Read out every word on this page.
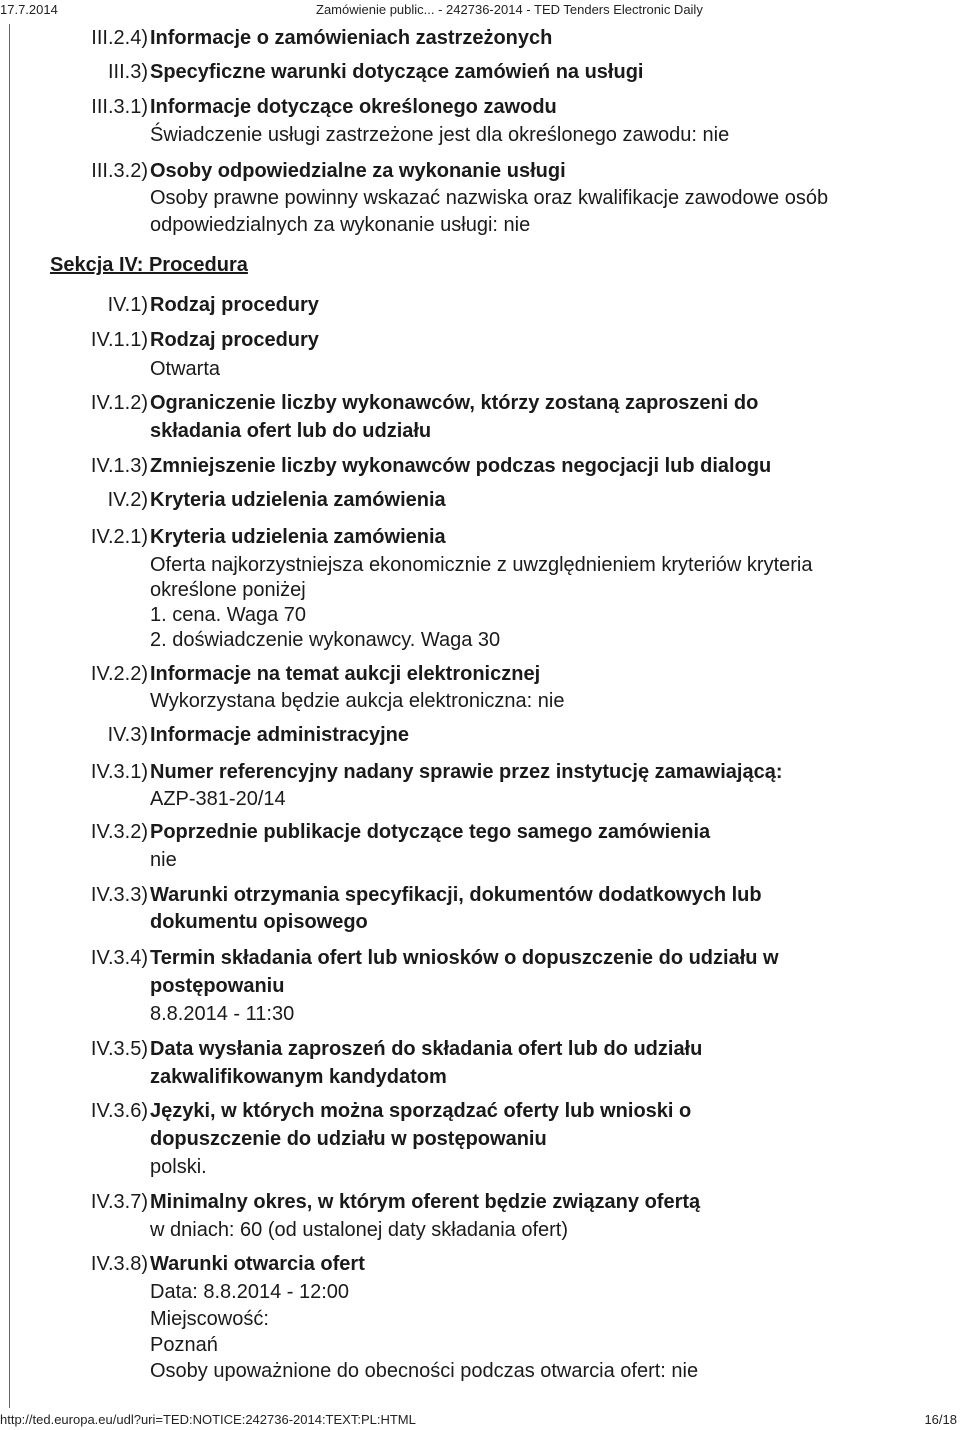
17.7.2014	Zamówienie public... - 242736-2014 - TED Tenders Electronic Daily
III.2.4) Informacje o zamówieniach zastrzeżonych
III.3) Specyficzne warunki dotyczące zamówień na usługi
III.3.1) Informacje dotyczące określonego zawodu
Świadczenie usługi zastrzeżone jest dla określonego zawodu: nie
III.3.2) Osoby odpowiedzialne za wykonanie usługi
Osoby prawne powinny wskazać nazwiska oraz kwalifikacje zawodowe osób
odpowiedzialnych za wykonanie usługi: nie
Sekcja IV: Procedura
IV.1) Rodzaj procedury
IV.1.1) Rodzaj procedury
Otwarta
IV.1.2) Ograniczenie liczby wykonawców, którzy zostaną zaproszeni do
składania ofert lub do udziału
IV.1.3) Zmniejszenie liczby wykonawców podczas negocjacji lub dialogu
IV.2) Kryteria udzielenia zamówienia
IV.2.1) Kryteria udzielenia zamówienia
Oferta najkorzystniejsza ekonomicznie z uwzględnieniem kryteriów kryteria
określone poniżej
1. cena. Waga 70
2. doświadczenie wykonawcy. Waga 30
IV.2.2) Informacje na temat aukcji elektronicznej
Wykorzystana będzie aukcja elektroniczna: nie
IV.3) Informacje administracyjne
IV.3.1) Numer referencyjny nadany sprawie przez instytucję zamawiającą:
AZP-381-20/14
IV.3.2) Poprzednie publikacje dotyczące tego samego zamówienia
nie
IV.3.3) Warunki otrzymania specyfikacji, dokumentów dodatkowych lub
dokumentu opisowego
IV.3.4) Termin składania ofert lub wniosków o dopuszczenie do udziału w
postępowaniu
8.8.2014 - 11:30
IV.3.5) Data wysłania zaproszeń do składania ofert lub do udziału
zakwalifikowanym kandydatom
IV.3.6) Języki, w których można sporządzać oferty lub wnioski o
dopuszczenie do udziału w postępowaniu
polski.
IV.3.7) Minimalny okres, w którym oferent będzie związany ofertą
w dniach: 60 (od ustalonej daty składania ofert)
IV.3.8) Warunki otwarcia ofert
Data: 8.8.2014 - 12:00
Miejscowość:
Poznań
Osoby upoważnione do obecności podczas otwarcia ofert: nie
http://ted.europa.eu/udl?uri=TED:NOTICE:242736-2014:TEXT:PL:HTML	16/18
